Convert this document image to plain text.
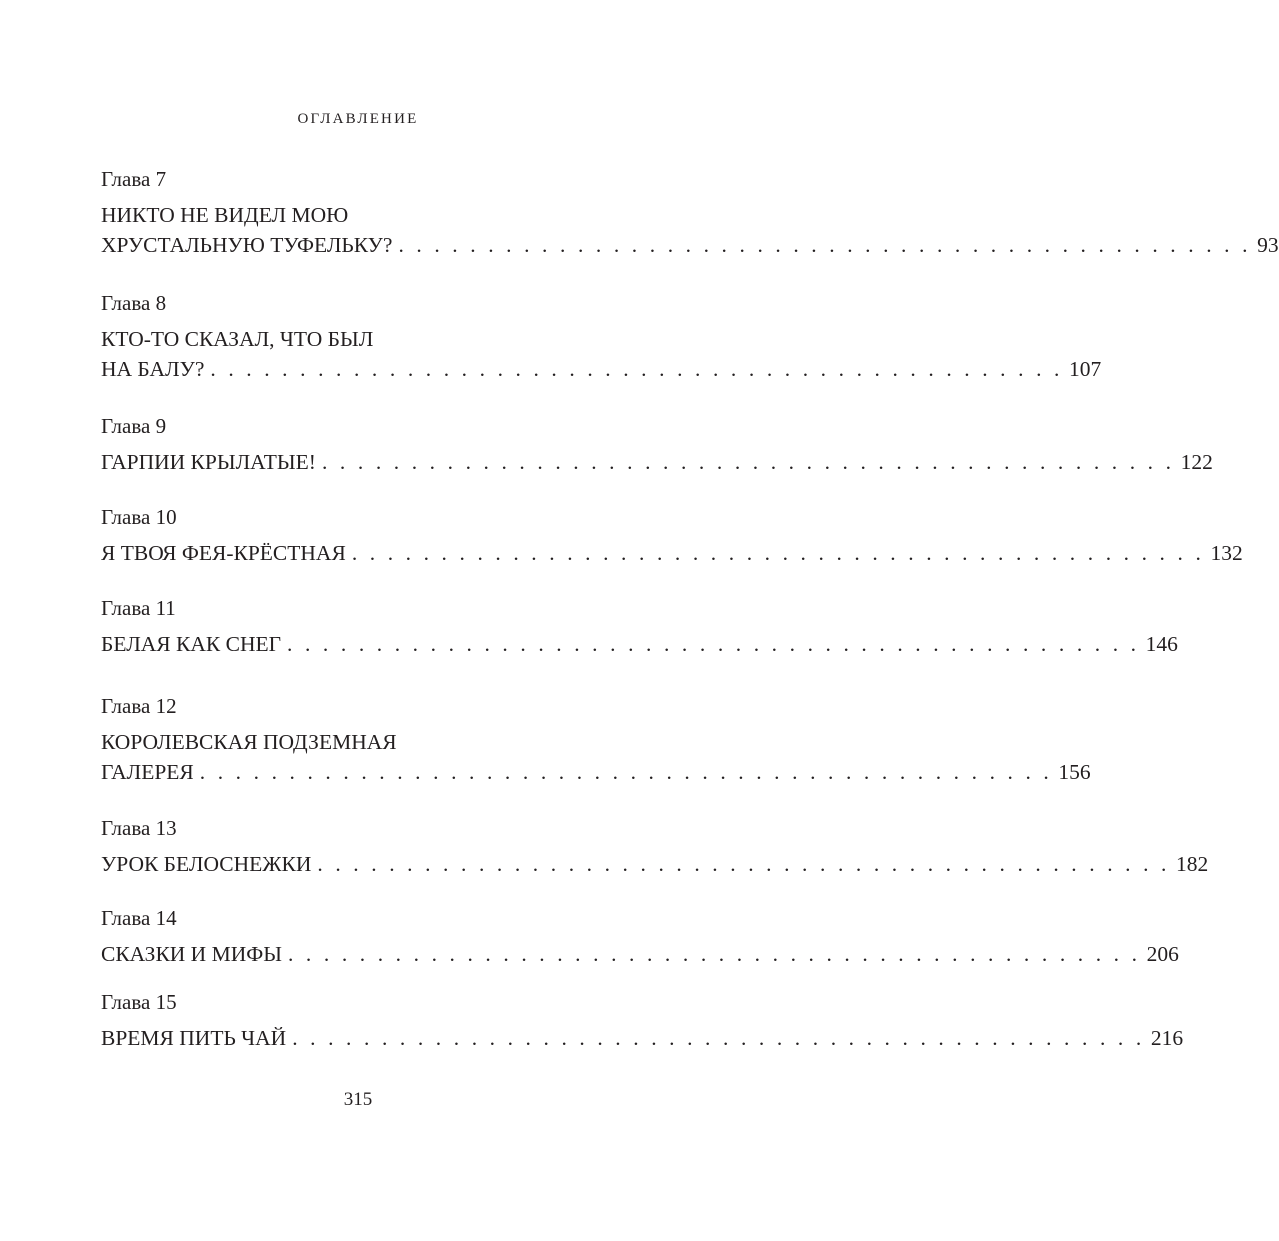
ОГЛАВЛЕНИЕ
Глава 7
НИКТО НЕ ВИДЕЛ МОЮ
ХРУСТАЛЬНУЮ ТУФЕЛЬКУ? . . . . . . . . . . . . . . . . . . . . . . . . . . . . . . . . . . . . . . . . . . . . . . . . 93
Глава 8
КТО-ТО СКАЗАЛ, ЧТО БЫЛ
НА БАЛУ? . . . . . . . . . . . . . . . . . . . . . . . . . . . . . . . . . . . . . . . . . . . . . . . . 107
Глава 9
ГАРПИИ КРЫЛАТЫЕ! . . . . . . . . . . . . . . . . . . . . . . . . . . . . . . . . . . . . . . . . . . . . . . . . 122
Глава 10
Я ТВОЯ ФЕЯ-КРЁСТНАЯ . . . . . . . . . . . . . . . . . . . . . . . . . . . . . . . . . . . . . . . . . . . . . . . . 132
Глава 11
БЕЛАЯ КАК СНЕГ . . . . . . . . . . . . . . . . . . . . . . . . . . . . . . . . . . . . . . . . . . . . . . . . 146
Глава 12
КОРОЛЕВСКАЯ ПОДЗЕМНАЯ
ГАЛЕРЕЯ . . . . . . . . . . . . . . . . . . . . . . . . . . . . . . . . . . . . . . . . . . . . . . . . 156
Глава 13
УРОК БЕЛОСНЕЖКИ . . . . . . . . . . . . . . . . . . . . . . . . . . . . . . . . . . . . . . . . . . . . . . . . 182
Глава 14
СКАЗКИ И МИФЫ . . . . . . . . . . . . . . . . . . . . . . . . . . . . . . . . . . . . . . . . . . . . . . . . 206
Глава 15
ВРЕМЯ ПИТЬ ЧАЙ . . . . . . . . . . . . . . . . . . . . . . . . . . . . . . . . . . . . . . . . . . . . . . . . 216
315
